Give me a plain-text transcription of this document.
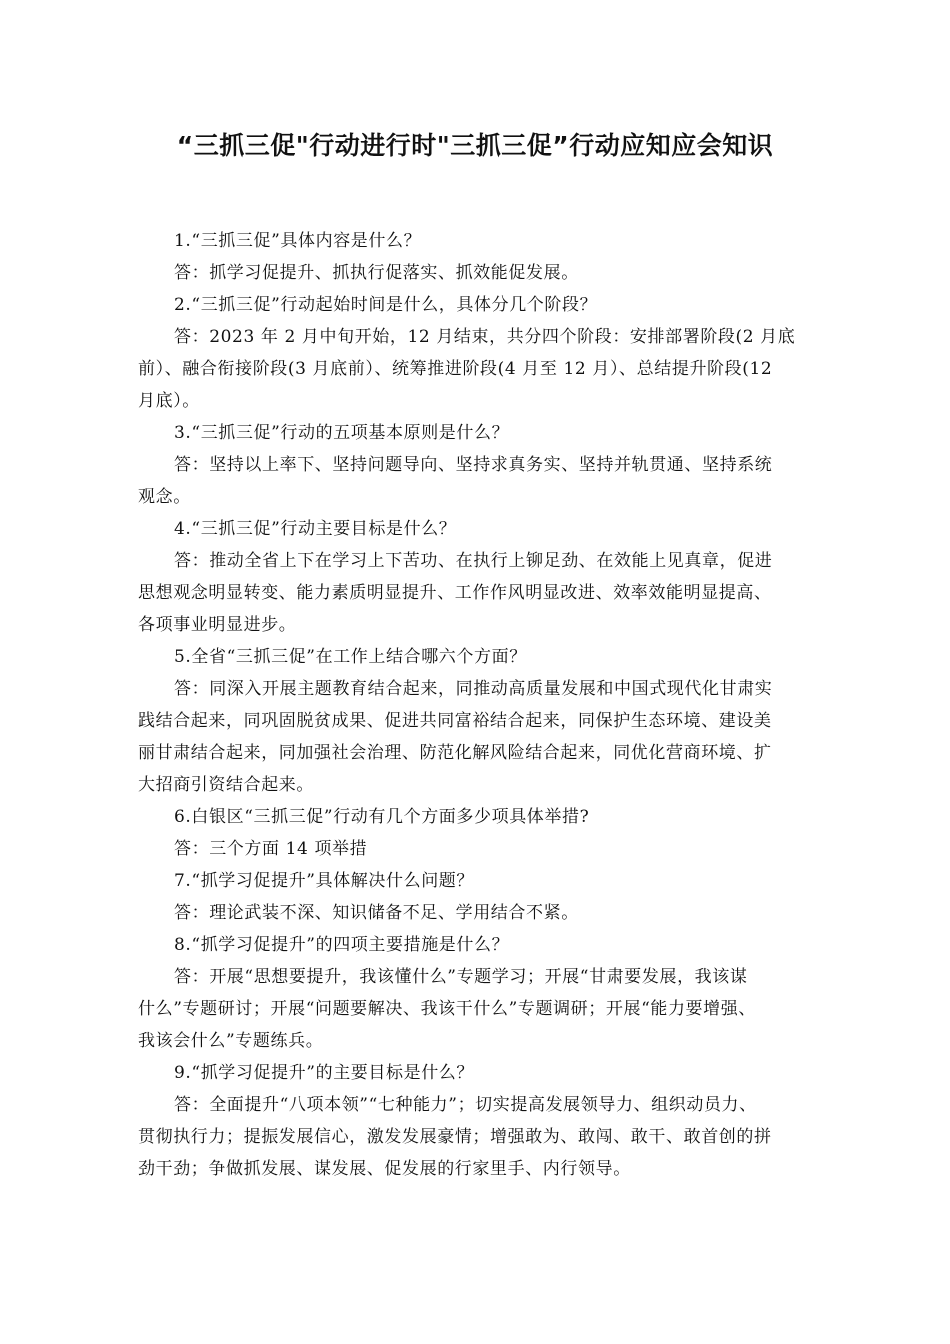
“三抓三促"行动进行时"三抓三促”行动应知应会知识

1.“三抓三促”具体内容是什么？

答：抓学习促提升、抓执行促落实、抓效能促发展。

2.“三抓三促”行动起始时间是什么，具体分几个阶段？

答：2023 年 2 月中旬开始，12 月结束，共分四个阶段：安排部署阶段(2 月底
前）、融合衔接阶段(3 月底前）、统筹推进阶段(4 月至 12 月）、总结提升阶段(12
月底）。

3.“三抓三促”行动的五项基本原则是什么？

答：坚持以上率下、坚持问题导向、坚持求真务实、坚持并轨贯通、坚持系统
观念。

4.“三抓三促”行动主要目标是什么？

答：推动全省上下在学习上下苦功、在执行上铆足劲、在效能上见真章，促进
思想观念明显转变、能力素质明显提升、工作作风明显改进、效率效能明显提高、
各项事业明显进步。

5.全省“三抓三促”在工作上结合哪六个方面？

答：同深入开展主题教育结合起来，同推动高质量发展和中国式现代化甘肃实
践结合起来，同巩固脱贫成果、促进共同富裕结合起来，同保护生态环境、建设美
丽甘肃结合起来，同加强社会治理、防范化解风险结合起来，同优化营商环境、扩
大招商引资结合起来。

6.白银区“三抓三促”行动有几个方面多少项具体举措?

答：三个方面 14 项举措

7.“抓学习促提升”具体解决什么问题？

答：理论武装不深、知识储备不足、学用结合不紧。

8.“抓学习促提升”的四项主要措施是什么？

答：开展“思想要提升，我该懂什么”专题学习；开展“甘肃要发展，我该谋
什么”专题研讨；开展“问题要解决、我该干什么”专题调研；开展“能力要增强、
我该会什么”专题练兵。

9.“抓学习促提升”的主要目标是什么？

答：全面提升“八项本领”“七种能力”；切实提高发展领导力、组织动员力、
贯彻执行力；提振发展信心，激发发展豪情；增强敢为、敢闯、敢干、敢首创的拼
劲干劲；争做抓发展、谋发展、促发展的行家里手、内行领导。
